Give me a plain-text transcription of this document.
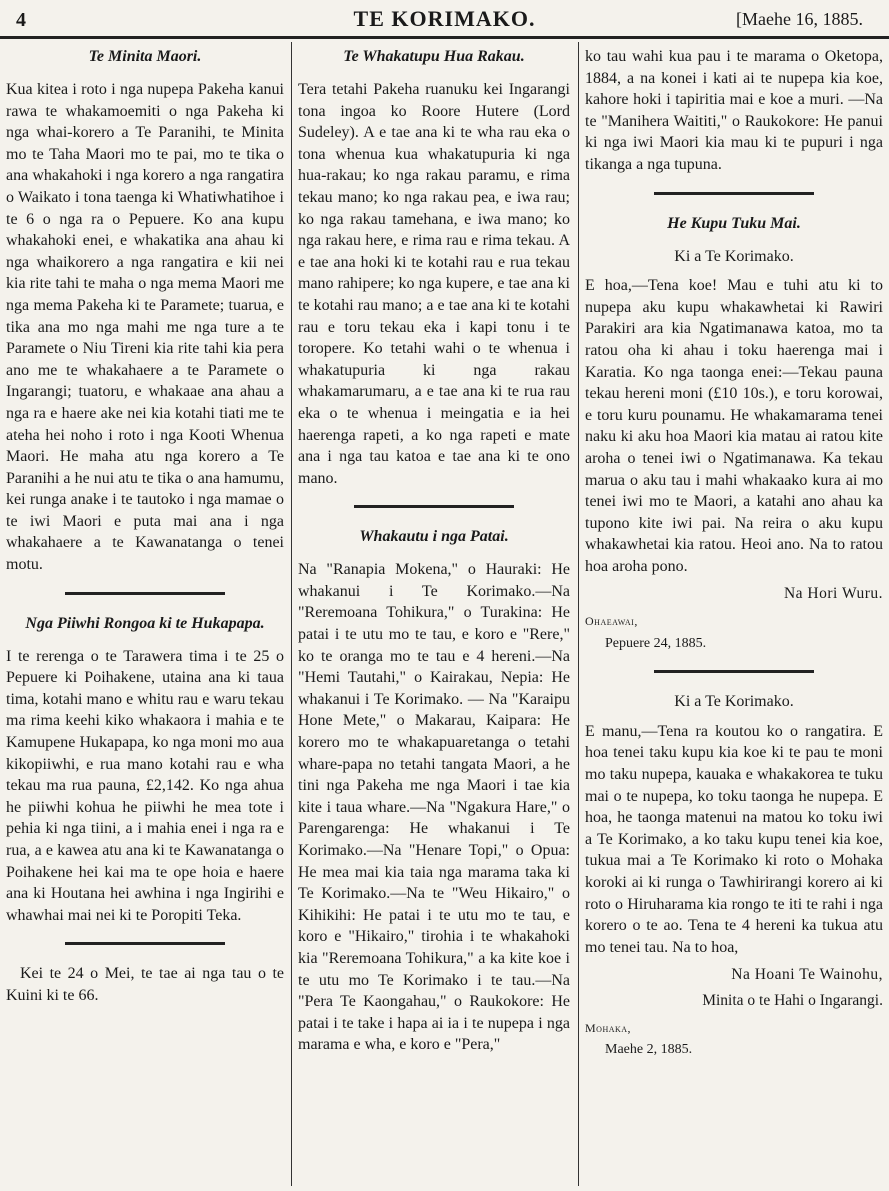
4	TE KORIMAKO.	[Maehe 16, 1885.
Te Minita Maori.

Kua kitea i roto i nga nupepa Pakeha kanui rawa te whakamoemiti o nga Pakeha ki nga whai-korero a Te Paranihi, te Minita mo te Taha Maori mo te pai, mo te tika o ana whakahoki i nga korero a nga rangatira o Waikato i tona taenga ki Whatiwhatihoe i te 6 o nga ra o Pepuere. Ko ana kupu whakahoki enei, e whakatika ana ahau ki nga whaikorero a nga rangatira e kii nei kia rite tahi te maha o nga mema Maori me nga mema Pakeha ki te Paramete; tuarua, e tika ana mo nga mahi me nga ture a te Paramete o Niu Tireni kia rite tahi kia pera ano me te whakahaere a te Paramete o Ingarangi; tuatoru, e whakaae ana ahau a nga ra e haere ake nei kia kotahi tiati me te ateha hei noho i roto i nga Kooti Whenua Maori. He maha atu nga korero a Te Paranihi a he nui atu te tika o ana hamumu, kei runga anake i te tautoko i nga mamae o te iwi Maori e puta mai ana i nga whakahaere a te Kawanatanga o tenei motu.

Nga Piiwhi Rongoa ki te Hukapapa.

I te rerenga o te Tarawera tima i te 25 o Pepuere ki Poihakene, utaina ana ki taua tima, kotahi mano e whitu rau e waru tekau ma rima keehi kiko whakaora i mahia e te Kamupene Hukapapa, ko nga moni mo aua kikopiiwhi, e rua mano kotahi rau e wha tekau ma rua pauna, £2,142. Ko nga ahua he piiwhi kohua he piiwhi he mea tote i pehia ki nga tiini, a i mahia enei i nga ra e rua, a e kawea atu ana ki te Kawanatanga o Poihakene hei kai ma te ope hoia e haere ana ki Houtana hei awhina i nga Ingirihi e whawhai mai nei ki te Poropiti Teka.

Kei te 24 o Mei, te tae ai nga tau o te Kuini ki te 66.

Te Whakatupu Hua Rakau.

Tera tetahi Pakeha ruanuku kei Ingarangi tona ingoa ko Roore Hutere (Lord Sudeley). A e tae ana ki te wha rau eka o tona whenua kua whakatupuria ki nga hua-rakau; ko nga rakau paramu, e rima tekau mano; ko nga rakau pea, e iwa rau; ko nga rakau tamehana, e iwa mano; ko nga rakau here, e rima rau e rima tekau. A e tae ana hoki ki te kotahi rau e rua tekau mano rahipere; ko nga kupere, e tae ana ki te kotahi rau mano; a e tae ana ki te kotahi rau e toru tekau eka i kapi tonu i te toropere. Ko tetahi wahi o te whenua i whakatupuria ki nga rakau whakamarumaru, a e tae ana ki te rua rau eka o te whenua i meingatia e ia hei haerenga rapeti, a ko nga rapeti e mate ana i nga tau katoa e tae ana ki te ono mano.

Whakautu i nga Patai.

Na "Ranapia Mokena," o Hauraki: He whakanui i Te Korimako.—Na "Reremoana Tohikura," o Turakina: He patai i te utu mo te tau, e koro e "Rere," ko te oranga mo te tau e 4 hereni.—Na "Hemi Tautahi," o Kairakau, Nepia: He whakanui i Te Korimako. — Na "Karaipu Hone Mete," o Makarau, Kaipara: He korero mo te whakapuaretanga o tetahi whare-papa no tetahi tangata Maori, a he tini nga Pakeha me nga Maori i tae kia kite i taua whare.—Na "Ngakura Hare," o Parengarenga: He whakanui i Te Korimako.—Na "Henare Topi," o Opua: He mea mai kia taia nga marama taka ki Te Korimako.—Na te "Weu Hikairo," o Kihikihi: He patai i te utu mo te tau, e koro e "Hikairo," tirohia i te whakahoki kia "Reremoana Tohikura," a ka kite koe i te utu mo Te Korimako i te tau.—Na "Pera Te Kaongahau," o Raukokore: He patai i te take i hapa ai ia i te nupepa i nga marama e wha, e koro e "Pera,"

ko tau wahi kua pau i te marama o Oketopa, 1884, a na konei i kati ai te nupepa kia koe, kahore hoki i tapiritia mai e koe a muri. —Na te "Manihera Waititi," o Raukokore: He panui ki nga iwi Maori kia mau ki te pupuri i nga tikanga a nga tupuna.

He Kupu Tuku Mai.
Ki a Te Korimako.

E hoa,—Tena koe! Mau e tuhi atu ki to nupepa aku kupu whakawhetai ki Rawiri Parakiri ara kia Ngatimanawa katoa, mo ta ratou oha ki ahau i toku haerenga mai i Karatia. Ko nga taonga enei:—Tekau pauna tekau hereni moni (£10 10s.), e toru korowai, e toru kuru pounamu. He whakamarama tenei naku ki aku hoa Maori kia matau ai ratou kite aroha o tenei iwi o Ngatimanawa. Ka tekau marua o aku tau i mahi whakaako kura ai mo tenei iwi mo te Maori, a katahi ano ahau ka tupono kite iwi pai. Na reira o aku kupu whakawhetai kia ratou. Heoi ano. Na to ratou hoa aroha pono.

Na Hori Wuru.
Ohaeawai,
Pepuere 24, 1885.
Ki a Te Korimako.

E manu,—Tena ra koutou ko o rangatira. E hoa tenei taku kupu kia koe ki te pau te moni mo taku nupepa, kauaka e whakakorea te tuku mai o te nupepa, ko toku taonga he nupepa. E hoa, he taonga matenui na matou ko toku iwi a Te Korimako, a ko taku kupu tenei kia koe, tukua mai a Te Korimako ki roto o Mohaka koroki ai ki runga o Tawhirirangi korero ai ki roto o Hiruharama kia rongo te iti te rahi i nga korero o te ao. Tena te 4 hereni ka tukua atu mo tenei tau. Na to hoa,

Na Hoani Te Wainohu,
Minita o te Hahi o Ingarangi.
Mohaka,
Maehe 2, 1885.
